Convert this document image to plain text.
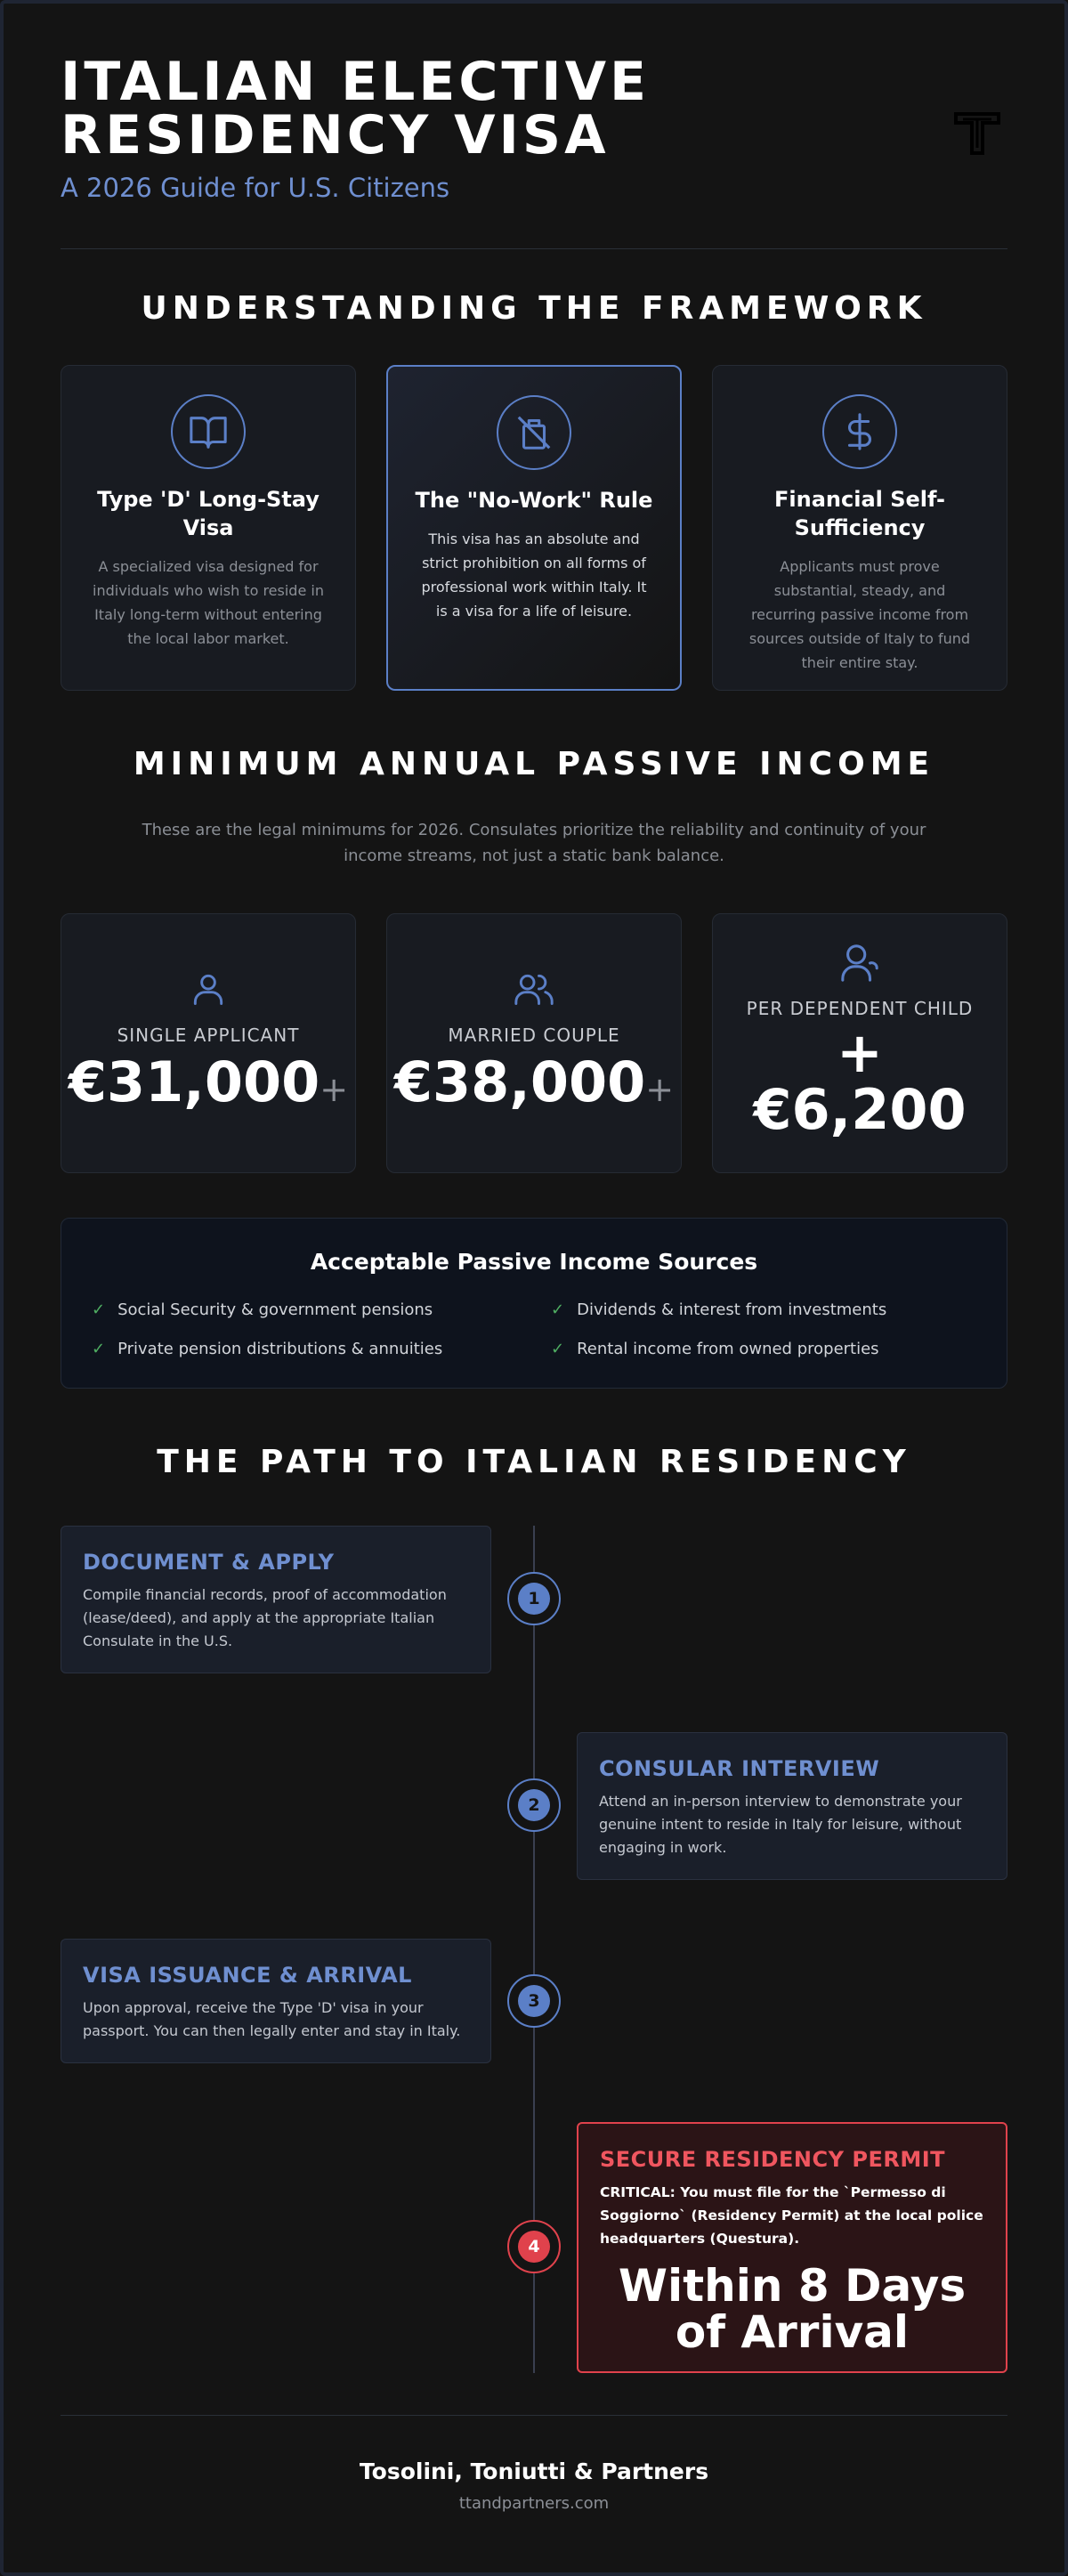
ITALIAN ELECTIVE
RESIDENCY VISA
A 2026 Guide for U.S. Citizens
UNDERSTANDING THE FRAMEWORK
Type 'D' Long-Stay Visa

A specialized visa designed for individuals who wish to reside in Italy long-term without entering the local labor market.

The "No-Work" Rule

This visa has an absolute and strict prohibition on all forms of professional work within Italy. It is a visa for a life of leisure.

Financial Self-Sufficiency

Applicants must prove substantial, steady, and recurring passive income from sources outside of Italy to fund their entire stay.

MINIMUM ANNUAL PASSIVE INCOME
These are the legal minimums for 2026. Consulates prioritize the reliability and continuity of your income streams, not just a static bank balance.
SINGLE APPLICANT
€31,000+
MARRIED COUPLE
€38,000+
PER DEPENDENT CHILD
+
€6,200
Acceptable Passive Income Sources
✓ Social Security & government pensions	✓ Dividends & interest from investments
✓ Private pension distributions & annuities	✓ Rental income from owned properties
THE PATH TO ITALIAN RESIDENCY
DOCUMENT & APPLY

Compile financial records, proof of accommodation (lease/deed), and apply at the appropriate Italian Consulate in the U.S.

1
CONSULAR INTERVIEW

Attend an in-person interview to demonstrate your genuine intent to reside in Italy for leisure, without engaging in work.

2
VISA ISSUANCE & ARRIVAL

Upon approval, receive the Type 'D' visa in your passport. You can then legally enter and stay in Italy.

3
SECURE RESIDENCY PERMIT

CRITICAL: You must file for the `Permesso di Soggiorno` (Residency Permit) at the local police headquarters (Questura).

Within 8 Days
of Arrival
4
Tosolini, Toniutti & Partners
ttandpartners.com
